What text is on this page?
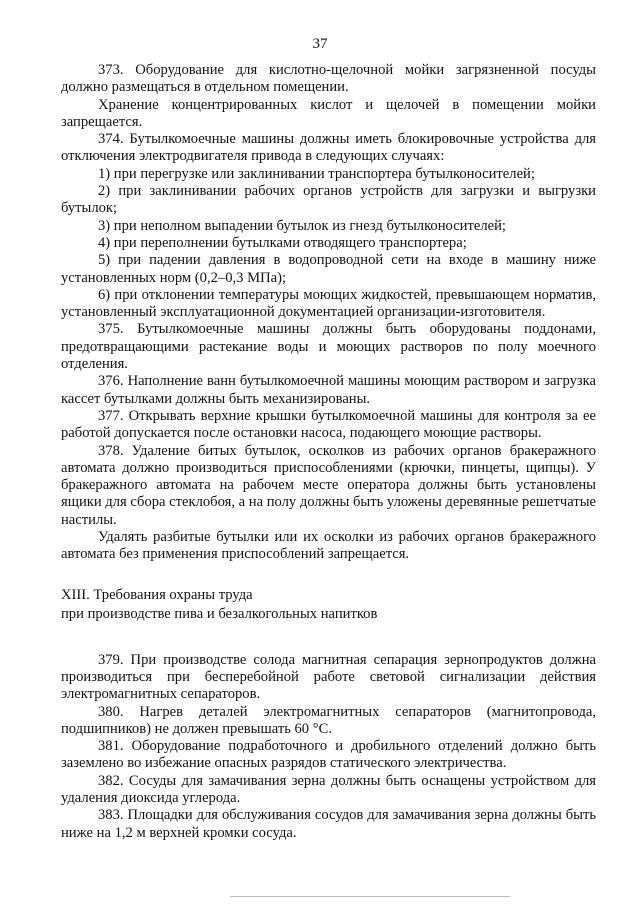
37

373. Оборудование для кислотно-щелочной мойки загрязненной посуды должно размещаться в отдельном помещении.

Хранение концентрированных кислот и щелочей в помещении мойки запрещается.

374. Бутылкомоечные машины должны иметь блокировочные устройства для отключения электродвигателя привода в следующих случаях:

1) при перегрузке или заклинивании транспортера бутылконосителей;

2) при заклинивании рабочих органов устройств для загрузки и выгрузки бутылок;

3) при неполном выпадении бутылок из гнезд бутылконосителей;

4) при переполнении бутылками отводящего транспортера;

5) при падении давления в водопроводной сети на входе в машину ниже установленных норм (0,2–0,3 МПа);

6) при отклонении температуры моющих жидкостей, превышающем норматив, установленный эксплуатационной документацией организации-изготовителя.

375. Бутылкомоечные машины должны быть оборудованы поддонами, предотвращающими растекание воды и моющих растворов по полу моечного отделения.

376. Наполнение ванн бутылкомоечной машины моющим раствором и загрузка кассет бутылками должны быть механизированы.

377. Открывать верхние крышки бутылкомоечной машины для контроля за ее работой допускается после остановки насоса, подающего моющие растворы.

378. Удаление битых бутылок, осколков из рабочих органов бракеражного автомата должно производиться приспособлениями (крючки, пинцеты, щипцы). У бракеражного автомата на рабочем месте оператора должны быть установлены ящики для сбора стеклобоя, а на полу должны быть уложены деревянные решетчатые настилы.

Удалять разбитые бутылки или их осколки из рабочих органов бракеражного автомата без применения приспособлений запрещается.

XIII. Требования охраны труда

при производстве пива и безалкогольных напитков

379. При производстве солода магнитная сепарация зернопродуктов должна производиться при бесперебойной работе световой сигнализации действия электромагнитных сепараторов.

380. Нагрев деталей электромагнитных сепараторов (магнитопровода, подшипников) не должен превышать 60 °С.

381. Оборудование подработочного и дробильного отделений должно быть заземлено во избежание опасных разрядов статического электричества.

382. Сосуды для замачивания зерна должны быть оснащены устройством для удаления диоксида углерода.

383. Площадки для обслуживания сосудов для замачивания зерна должны быть ниже на 1,2 м верхней кромки сосуда.
